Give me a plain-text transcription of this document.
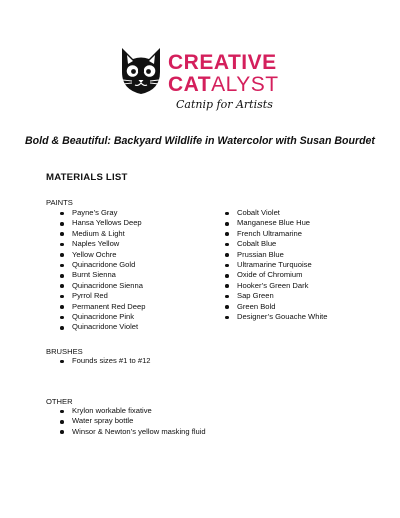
CREATIVE
CATALYST
Catnip for Artists
Bold & Beautiful: Backyard Wildlife in Watercolor with Susan Bourdet
MATERIALS LIST
PAINTS
Payne’s Gray
Hansa Yellows Deep
Medium & Light
Naples Yellow
Yellow Ochre
Quinacridone Gold
Burnt Sienna
Quinacridone Sienna
Pyrrol Red
Permanent Red Deep
Quinacridone Pink
Quinacridone Violet
Cobalt Violet
Manganese Blue Hue
French Ultramarine
Cobalt Blue
Prussian Blue
Ultramarine Turquoise
Oxide of Chromium
Hooker’s Green Dark
Sap Green
Green Bold
Designer’s Gouache White
BRUSHES
Founds sizes #1 to #12
OTHER
Krylon workable fixative
Water spray bottle
Winsor & Newton’s yellow masking fluid
